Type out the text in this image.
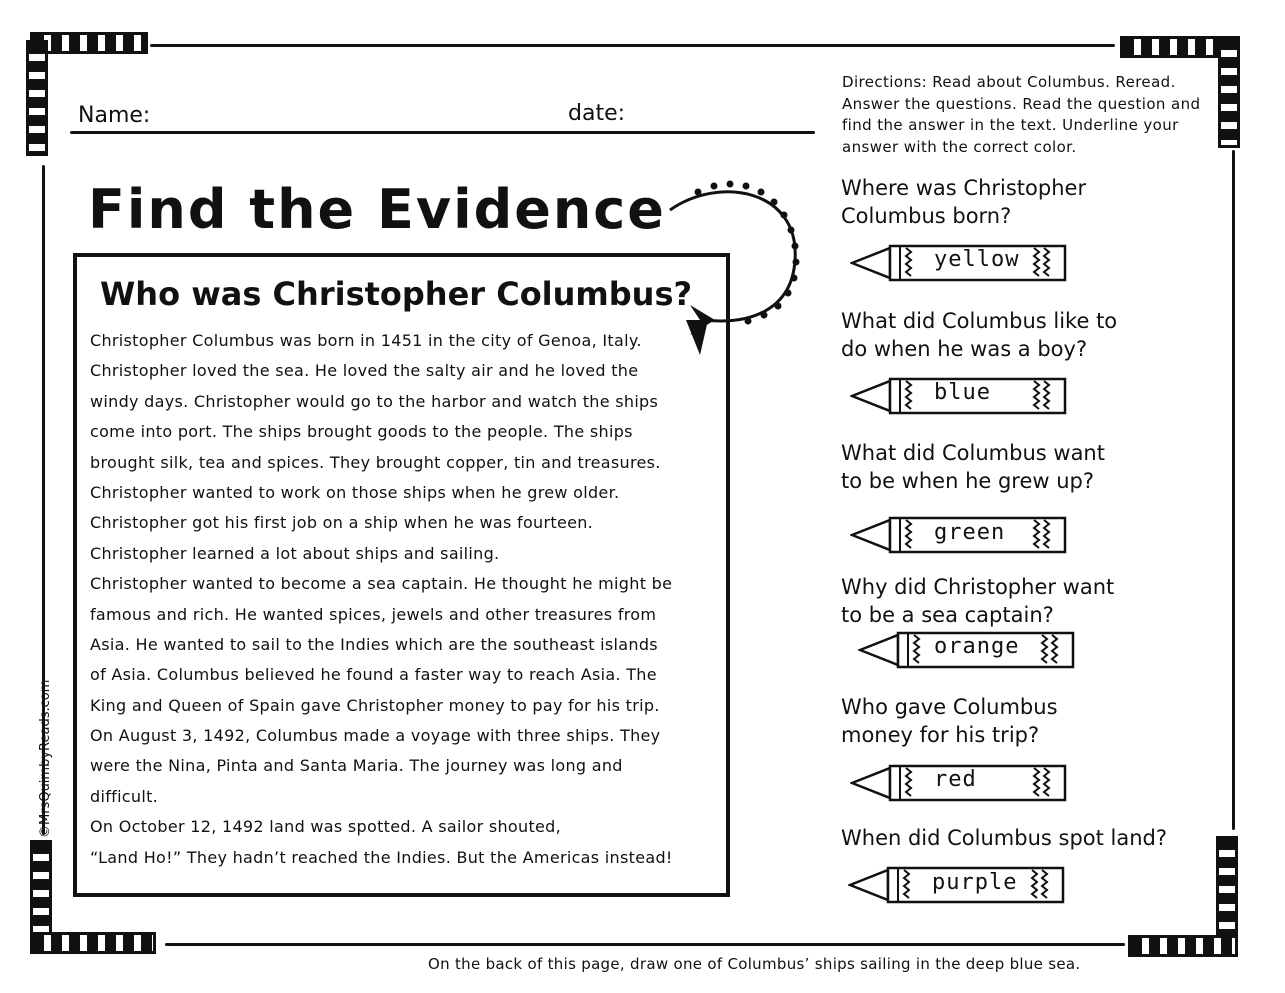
Name:	date:
Directions: Read about Columbus. Reread. Answer the questions. Read the question and find the answer in the text. Underline your answer with the correct color.
Find the Evidence
Who was Christopher Columbus?
Christopher Columbus was born in 1451 in the city of Genoa, Italy.
Christopher loved the sea. He loved the salty air and he loved the
windy days. Christopher would go to the harbor and watch the ships
come into port. The ships brought goods to the people. The ships
brought silk, tea and spices. They brought copper, tin and treasures.
Christopher wanted to work on those ships when he grew older.
Christopher got his first job on a ship when he was fourteen.
Christopher learned a lot about ships and sailing.
Christopher wanted to become a sea captain. He thought he might be
famous and rich. He wanted spices, jewels and other treasures from
Asia. He wanted to sail to the Indies which are the southeast islands
of Asia. Columbus believed he found a faster way to reach Asia. The
King and Queen of Spain gave Christopher money to pay for his trip.
On August 3, 1492, Columbus made a voyage with three ships. They
were the Nina, Pinta and Santa Maria. The journey was long and
difficult.
On October 12, 1492 land was spotted. A sailor shouted,
“Land Ho!” They hadn’t reached the Indies. But the Americas instead!
©MrsQuimbyReads.com
Where was Christopher
Columbus born?
What did Columbus like to
do when he was a boy?
What did Columbus want
to be when he grew up?
Why did Christopher want
to be a sea captain?
Who gave Columbus
money for his trip?
When did Columbus spot land?
yellow
blue
green
orange
red
purple
On the back of this page, draw one of Columbus’ ships sailing in the deep blue sea.
